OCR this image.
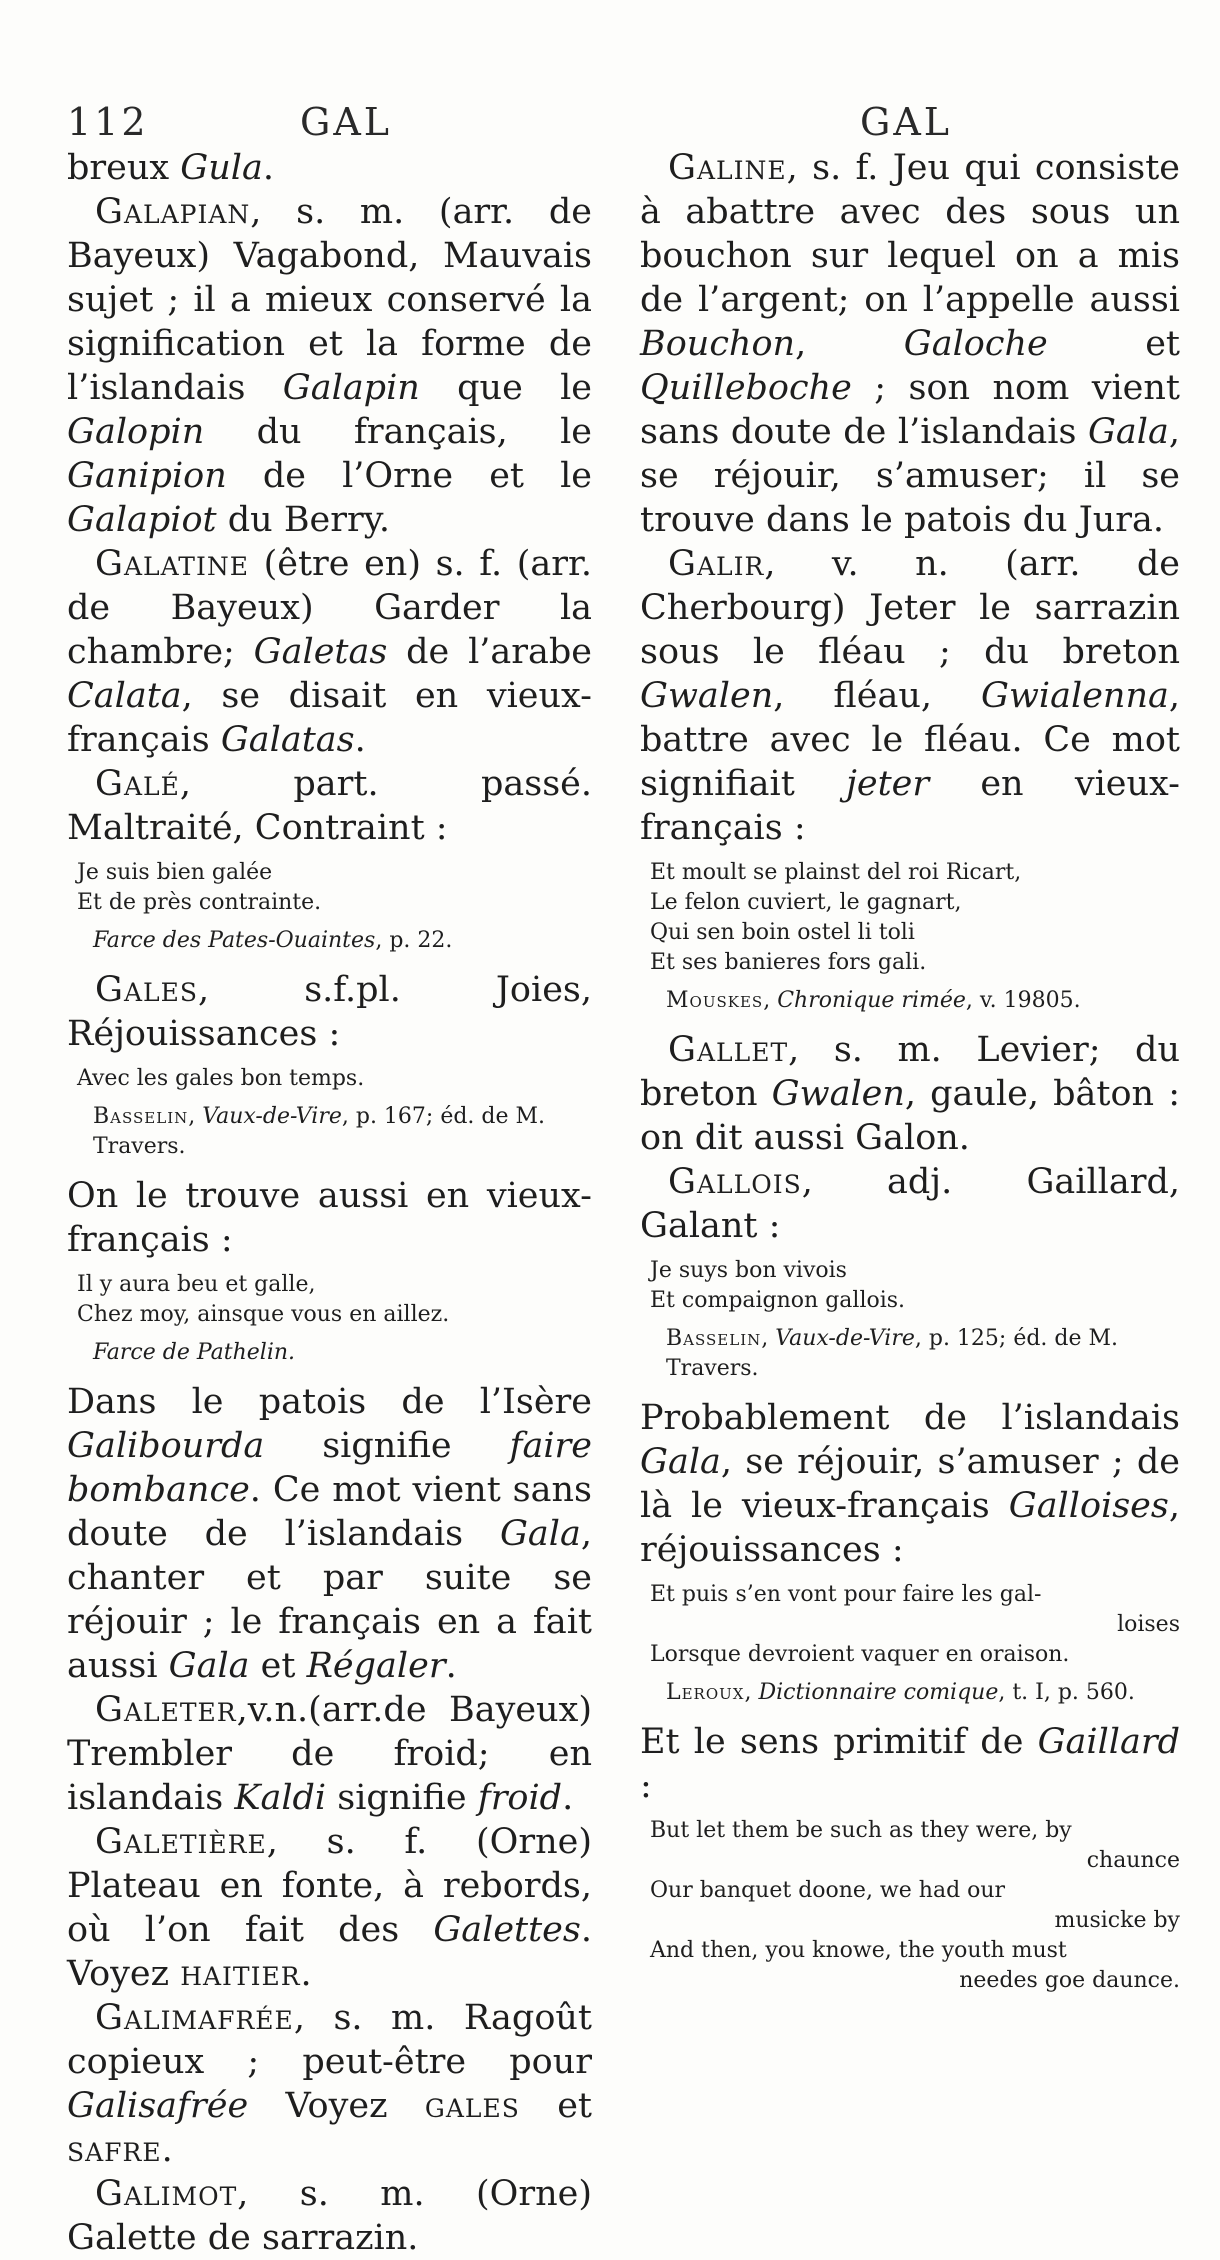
112	GAL	GAL

breux Gula.

Galapian, s. m. (arr. de Bayeux) Vagabond, Mauvais sujet ; il a mieux conservé la signification et la forme de l’islandais Galapin que le Galopin du français, le Ganipion de l’Orne et le Galapiot du Berry.

Galatine (être en) s. f. (arr. de Bayeux) Garder la chambre; Galetas de l’arabe Calata, se disait en vieux-français Galatas.

Galé, part. passé. Maltraité, Contraint :

Je suis bien galée
Et de près contrainte.
Farce des Pates-Ouaintes, p. 22.

Gales, s.f.pl. Joies, Réjouissances :

Avec les gales bon temps.
Basselin, Vaux-de-Vire, p. 167; éd. de M. Travers.

On le trouve aussi en vieux-français :

Il y aura beu et galle,
Chez moy, ainsque vous en aillez.
Farce de Pathelin.

Dans le patois de l’Isère Galibourda signifie faire bombance. Ce mot vient sans doute de l’islandais Gala, chanter et par suite se réjouir ; le français en a fait aussi Gala et Régaler.

Galeter,v.n.(arr.de Bayeux) Trembler de froid; en islandais Kaldi signifie froid.

Galetière, s. f. (Orne) Plateau en fonte, à rebords, où l’on fait des Galettes. Voyez haitier.

Galimafrée, s. m. Ragoût copieux ; peut-être pour Galisafrée Voyez gales et safre.

Galimot, s. m. (Orne) Galette de sarrazin.

Galine, s. f. Jeu qui consiste à abattre avec des sous un bouchon sur lequel on a mis de l’argent; on l’appelle aussi Bouchon, Galoche et Quilleboche ; son nom vient sans doute de l’islandais Gala, se réjouir, s’amuser; il se trouve dans le patois du Jura.

Galir, v. n. (arr. de Cherbourg) Jeter le sarrazin sous le fléau ; du breton Gwalen, fléau, Gwialenna, battre avec le fléau. Ce mot signifiait jeter en vieux-français :

Et moult se plainst del roi Ricart,
Le felon cuviert, le gagnart,
Qui sen boin ostel li toli
Et ses banieres fors gali.
Mouskes, Chronique rimée, v. 19805.

Gallet, s. m. Levier; du breton Gwalen, gaule, bâton : on dit aussi Galon.

Gallois, adj. Gaillard, Galant :

Je suys bon vivois
Et compaignon gallois.
Basselin, Vaux-de-Vire, p. 125; éd. de M. Travers.

Probablement de l’islandais Gala, se réjouir, s’amuser ; de là le vieux-français Galloises, réjouissances :

Et puis s’en vont pour faire les gal-
loises
Lorsque devroient vaquer en oraison.
Leroux, Dictionnaire comique, t. I, p. 560.

Et le sens primitif de Gaillard :

But let them be such as they were, by
chaunce
Our banquet doone, we had our
musicke by
And then, you knowe, the youth must
needes goe daunce.
